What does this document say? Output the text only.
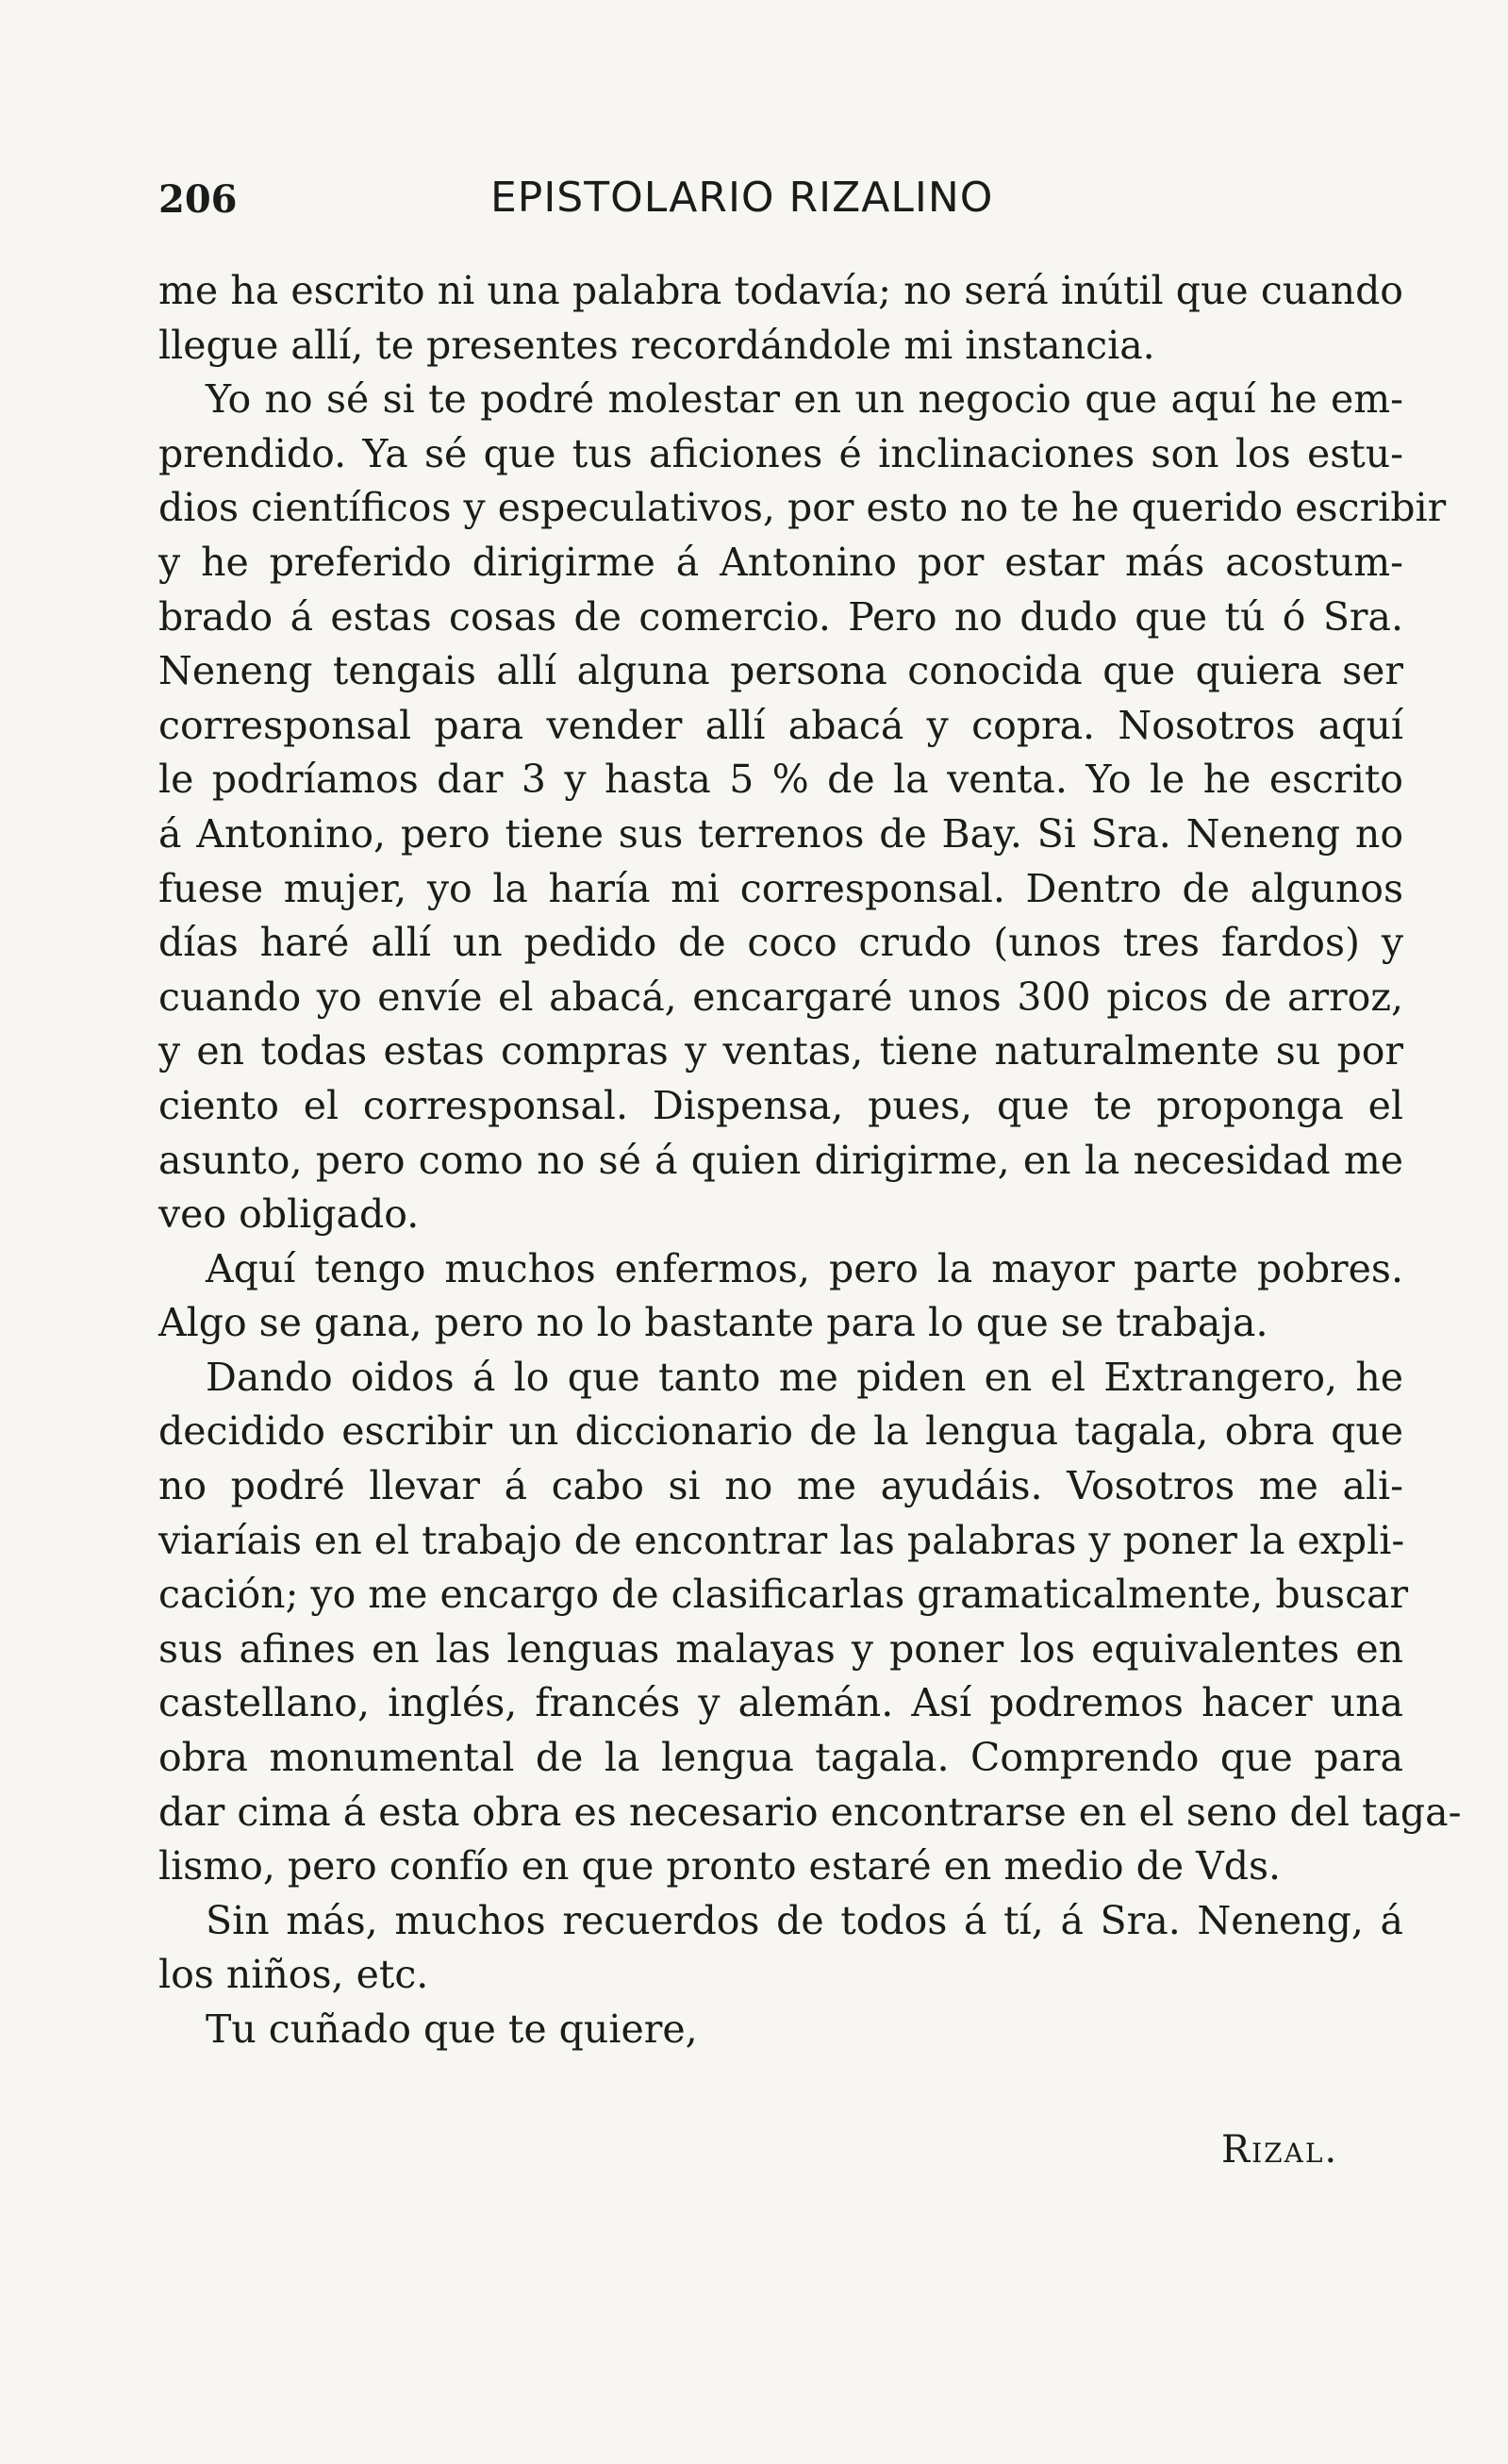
206	EPISTOLARIO RIZALINO
me ha escrito ni una palabra todavía; no será inútil que cuando
llegue allí, te presentes recordándole mi instancia.
Yo no sé si te podré molestar en un negocio que aquí he em-
prendido. Ya sé que tus aficiones é inclinaciones son los estu-
dios científicos y especulativos, por esto no te he querido escribir
y he preferido dirigirme á Antonino por estar más acostum-
brado á estas cosas de comercio. Pero no dudo que tú ó Sra.
Neneng tengais allí alguna persona conocida que quiera ser
corresponsal para vender allí abacá y copra. Nosotros aquí
le podríamos dar 3 y hasta 5 % de la venta. Yo le he escrito
á Antonino, pero tiene sus terrenos de Bay. Si Sra. Neneng no
fuese mujer, yo la haría mi corresponsal. Dentro de algunos
días haré allí un pedido de coco crudo (unos tres fardos) y
cuando yo envíe el abacá, encargaré unos 300 picos de arroz,
y en todas estas compras y ventas, tiene naturalmente su por
ciento el corresponsal. Dispensa, pues, que te proponga el
asunto, pero como no sé á quien dirigirme, en la necesidad me
veo obligado.
Aquí tengo muchos enfermos, pero la mayor parte pobres.
Algo se gana, pero no lo bastante para lo que se trabaja.
Dando oidos á lo que tanto me piden en el Extrangero, he
decidido escribir un diccionario de la lengua tagala, obra que
no podré llevar á cabo si no me ayudáis. Vosotros me ali-
viaríais en el trabajo de encontrar las palabras y poner la expli-
cación; yo me encargo de clasificarlas gramaticalmente, buscar
sus afines en las lenguas malayas y poner los equivalentes en
castellano, inglés, francés y alemán. Así podremos hacer una
obra monumental de la lengua tagala. Comprendo que para
dar cima á esta obra es necesario encontrarse en el seno del taga-
lismo, pero confío en que pronto estaré en medio de Vds.
Sin más, muchos recuerdos de todos á tí, á Sra. Neneng, á
los niños, etc.
Tu cuñado que te quiere,
Rizal.
